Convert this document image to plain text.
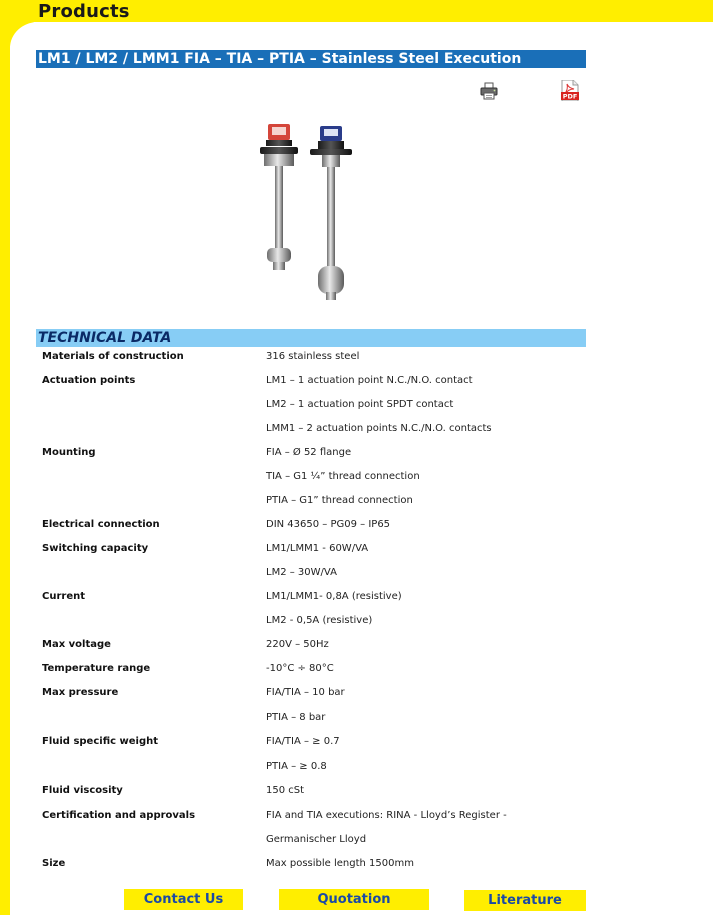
Products
LM1 / LM2 / LMM1 FIA – TIA – PTIA – Stainless Steel Execution
PDF
TECHNICAL DATA
Materials of construction	316 stainless steel
Actuation points	LM1 – 1 actuation point N.C./N.O. contact
LM2 – 1 actuation point SPDT contact
LMM1 – 2 actuation points N.C./N.O. contacts
Mounting	FIA – Ø 52 flange
TIA – G1 ¼” thread connection
PTIA – G1” thread connection
Electrical connection	DIN 43650 – PG09 – IP65
Switching capacity	LM1/LMM1 - 60W/VA
LM2 – 30W/VA
Current	LM1/LMM1- 0,8A (resistive)
LM2 - 0,5A (resistive)
Max voltage	220V – 50Hz
Temperature range	-10°C ÷ 80°C
Max pressure	FIA/TIA – 10 bar
PTIA – 8 bar
Fluid specific weight	FIA/TIA – ≥ 0.7
PTIA – ≥ 0.8
Fluid viscosity	150 cSt
Certification and approvals	FIA and TIA executions: RINA - Lloyd’s Register -
Germanischer Lloyd
Size	Max possible length 1500mm
Contact Us	Quotation	Literature
